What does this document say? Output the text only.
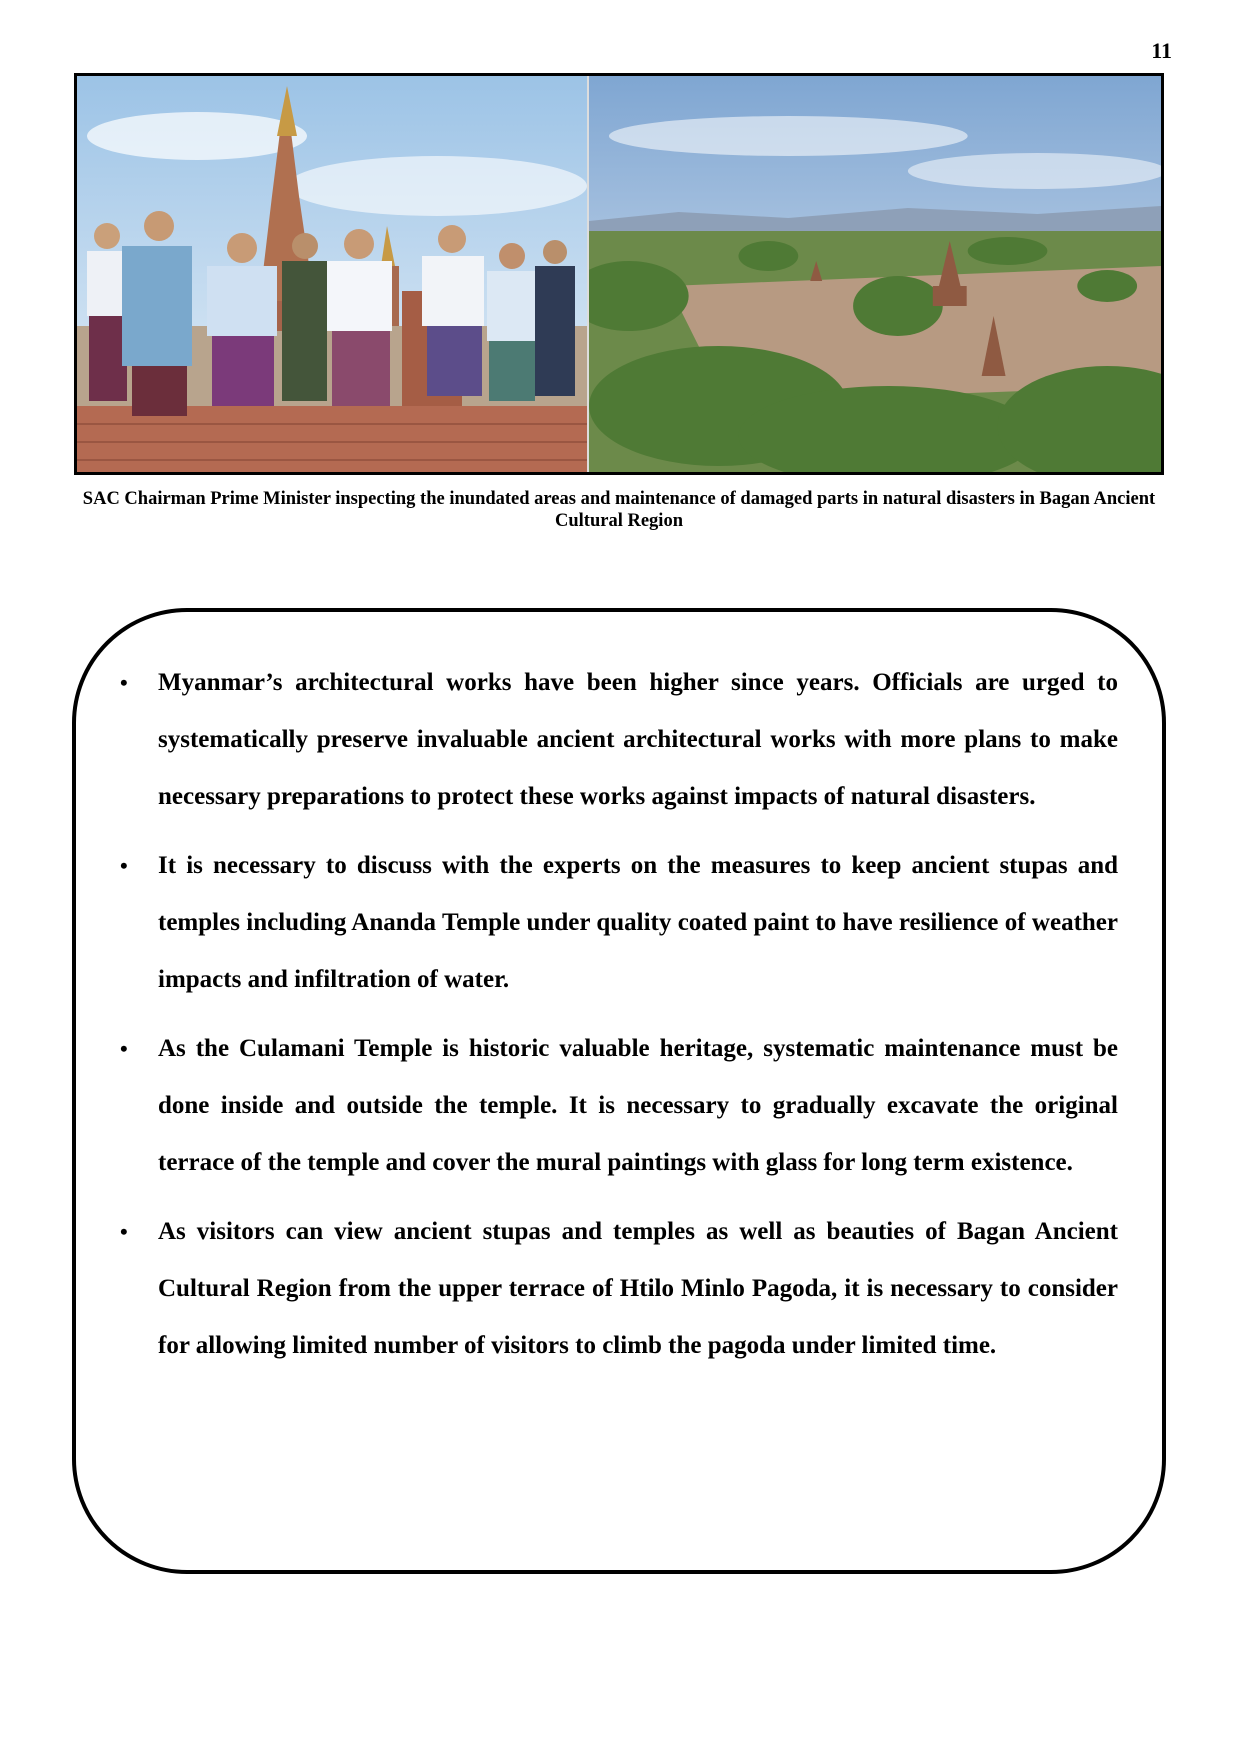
11
SAC Chairman Prime Minister inspecting the inundated areas and maintenance of damaged parts in natural disasters in Bagan Ancient Cultural Region
• Myanmar’s architectural works have been higher since years. Officials are urged to systematically preserve invaluable ancient architectural works with more plans to make necessary preparations to protect these works against impacts of natural disasters.
• It is necessary to discuss with the experts on the measures to keep ancient stupas and temples including Ananda Temple under quality coated paint to have resilience of weather impacts and infiltration of water.
• As the Culamani Temple is historic valuable heritage, systematic maintenance must be done inside and outside the temple. It is necessary to gradually excavate the original terrace of the temple and cover the mural paintings with glass for long term existence.
• As visitors can view ancient stupas and temples as well as beauties of Bagan Ancient Cultural Region from the upper terrace of Htilo Minlo Pagoda, it is necessary to consider for allowing limited number of visitors to climb the pagoda under limited time.
